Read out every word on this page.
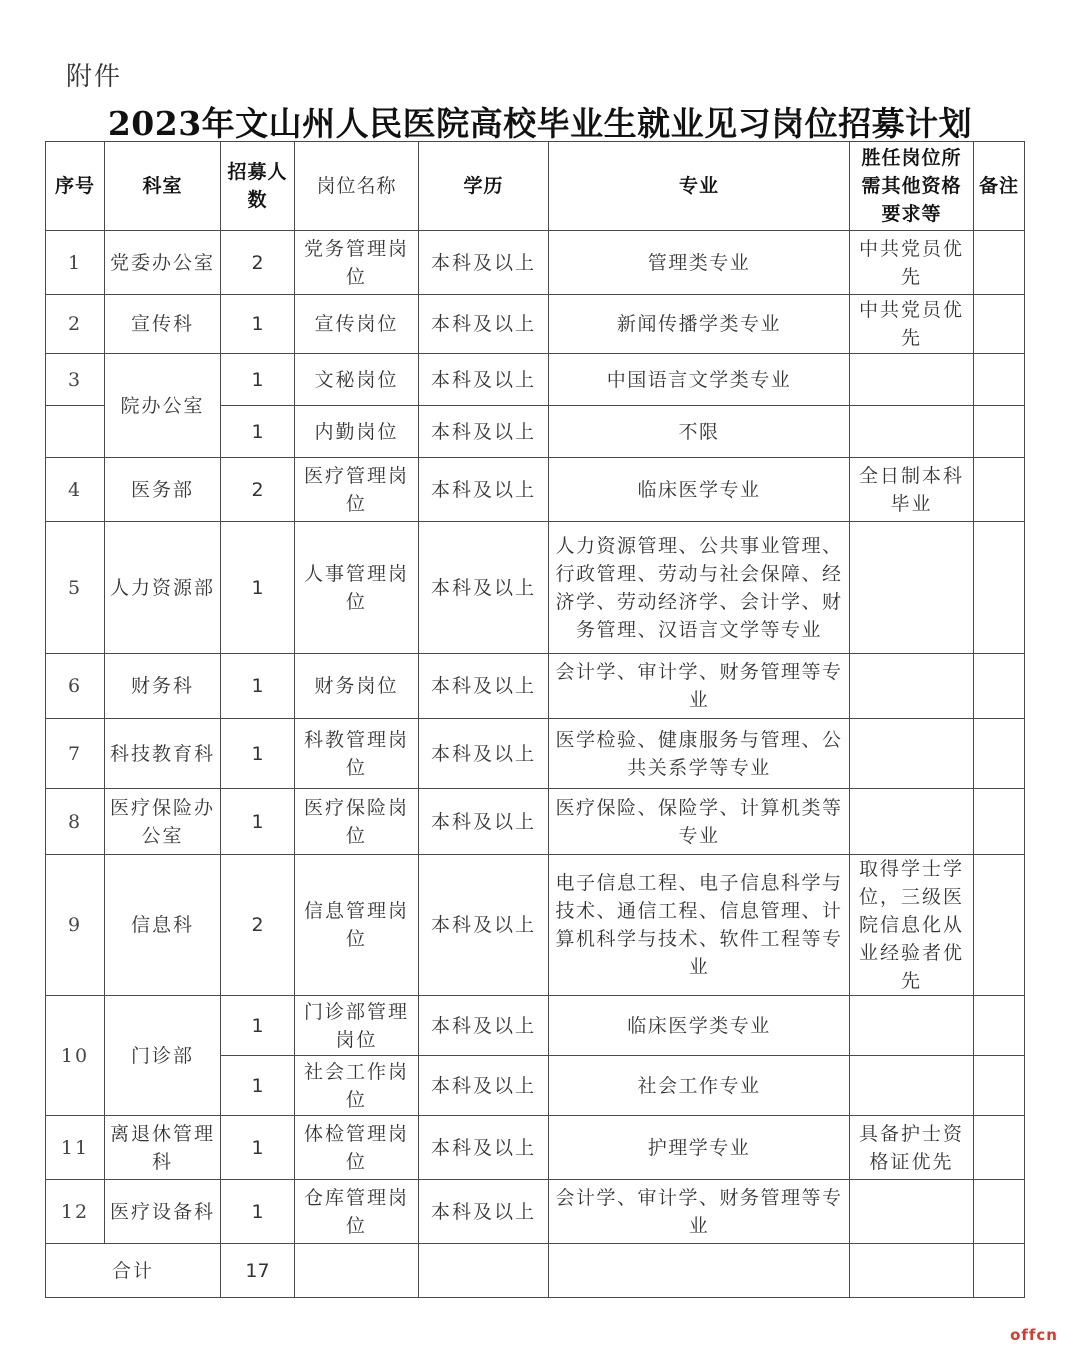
附件
2023年文山州人民医院高校毕业生就业见习岗位招募计划
序号	科室	招募人数	岗位名称	学历	专业	胜任岗位所需其他资格要求等	备注
1	党委办公室	2	党务管理岗位	本科及以上	管理类专业	中共党员优先	
2	宣传科	1	宣传岗位	本科及以上	新闻传播学类专业	中共党员优先	
3	院办公室	1	文秘岗位	本科及以上	中国语言文学类专业		
		1	内勤岗位	本科及以上	不限		
4	医务部	2	医疗管理岗位	本科及以上	临床医学专业	全日制本科毕业	
5	人力资源部	1	人事管理岗位	本科及以上	人力资源管理、公共事业管理、行政管理、劳动与社会保障、经济学、劳动经济学、会计学、财务管理、汉语言文学等专业		
6	财务科	1	财务岗位	本科及以上	会计学、审计学、财务管理等专业		
7	科技教育科	1	科教管理岗位	本科及以上	医学检验、健康服务与管理、公共关系学等专业		
8	医疗保险办公室	1	医疗保险岗位	本科及以上	医疗保险、保险学、计算机类等专业		
9	信息科	2	信息管理岗位	本科及以上	电子信息工程、电子信息科学与技术、通信工程、信息管理、计算机科学与技术、软件工程等专业	取得学士学位，三级医院信息化从业经验者优先	
10	门诊部	1	门诊部管理岗位	本科及以上	临床医学类专业		
		1	社会工作岗位	本科及以上	社会工作专业		
11	离退休管理科	1	体检管理岗位	本科及以上	护理学专业	具备护士资格证优先	
12	医疗设备科	1	仓库管理岗位	本科及以上	会计学、审计学、财务管理等专业		
合计		17					
offcn
